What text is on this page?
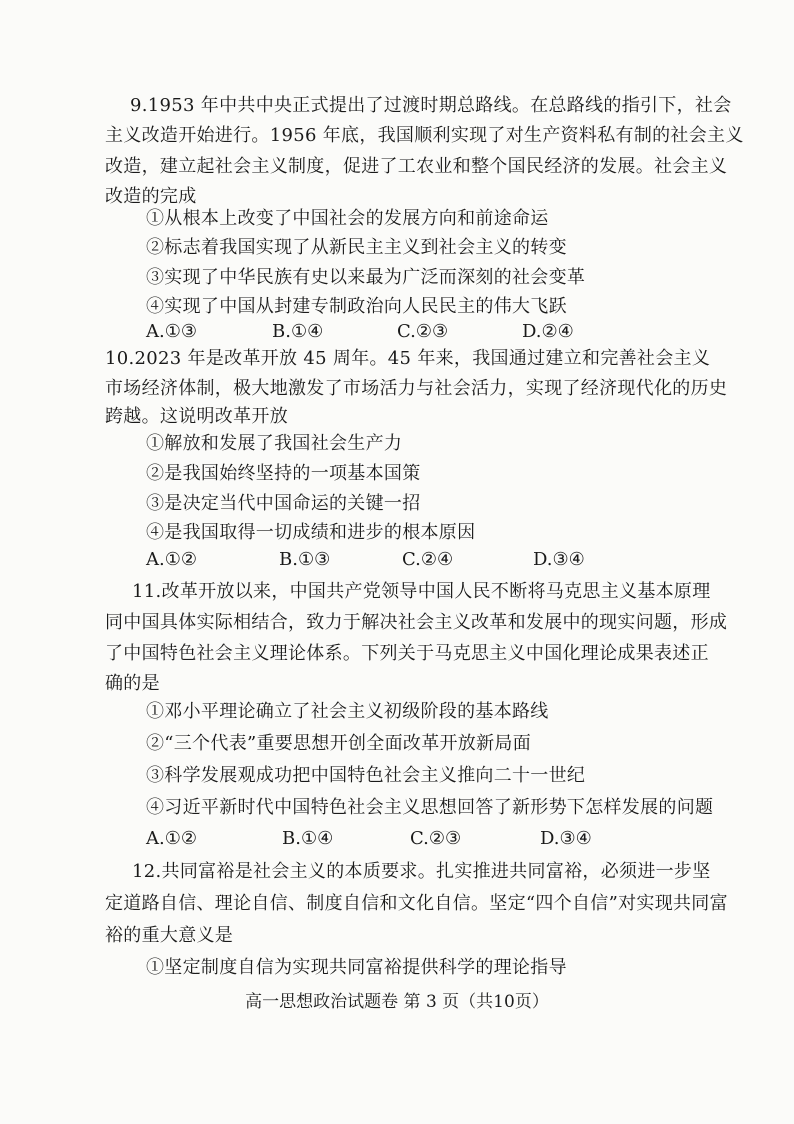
9.1953 年中共中央正式提出了过渡时期总路线。在总路线的指引下，社会
主义改造开始进行。1956 年底，我国顺利实现了对生产资料私有制的社会主义
改造，建立起社会主义制度，促进了工农业和整个国民经济的发展。社会主义
改造的完成
①从根本上改变了中国社会的发展方向和前途命运
②标志着我国实现了从新民主主义到社会主义的转变
③实现了中华民族有史以来最为广泛而深刻的社会变革
④实现了中国从封建专制政治向人民民主的伟大飞跃
A.①③	B.①④	C.②③	D.②④
10.2023 年是改革开放 45 周年。45 年来，我国通过建立和完善社会主义
市场经济体制，极大地激发了市场活力与社会活力，实现了经济现代化的历史
跨越。这说明改革开放
①解放和发展了我国社会生产力
②是我国始终坚持的一项基本国策
③是决定当代中国命运的关键一招
④是我国取得一切成绩和进步的根本原因
A.①②	B.①③	C.②④	D.③④
11.改革开放以来，中国共产党领导中国人民不断将马克思主义基本原理
同中国具体实际相结合，致力于解决社会主义改革和发展中的现实问题，形成
了中国特色社会主义理论体系。下列关于马克思主义中国化理论成果表述正
确的是
①邓小平理论确立了社会主义初级阶段的基本路线
②“三个代表”重要思想开创全面改革开放新局面
③科学发展观成功把中国特色社会主义推向二十一世纪
④习近平新时代中国特色社会主义思想回答了新形势下怎样发展的问题
A.①②	B.①④	C.②③	D.③④
12.共同富裕是社会主义的本质要求。扎实推进共同富裕，必须进一步坚
定道路自信、理论自信、制度自信和文化自信。坚定“四个自信”对实现共同富
裕的重大意义是
①坚定制度自信为实现共同富裕提供科学的理论指导
高一思想政治试题卷 第 3 页（共10页）
